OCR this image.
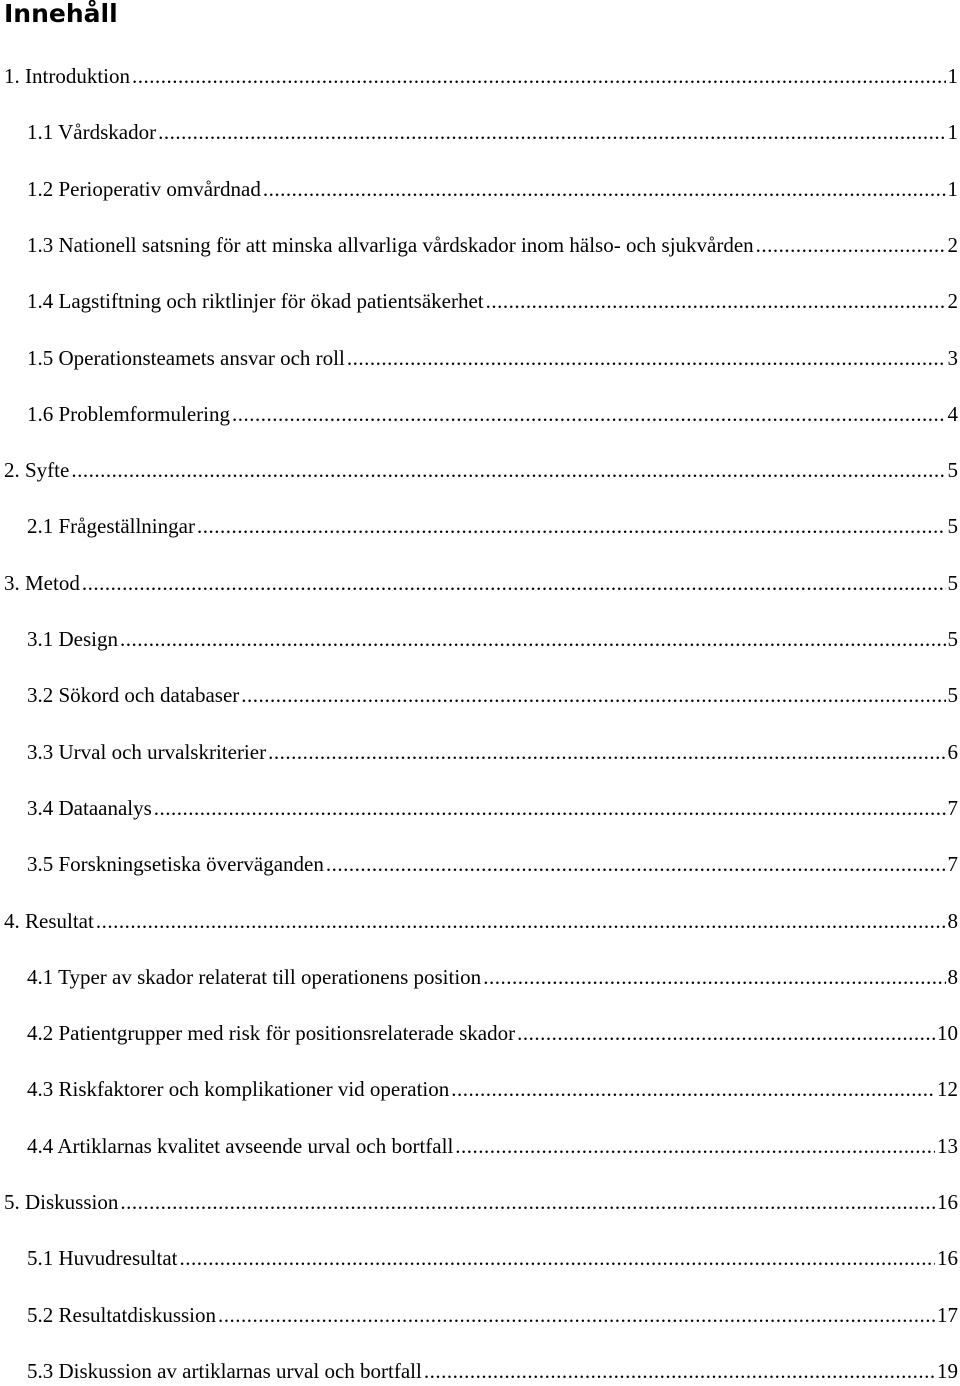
Innehåll
1. Introduktion .....	1
1.1 Vårdskador .....	1
1.2 Perioperativ omvårdnad .....	1
1.3 Nationell satsning för att minska allvarliga vårdskador inom hälso- och sjukvården .....	2
1.4 Lagstiftning och riktlinjer för ökad patientsäkerhet .....	2
1.5 Operationsteamets ansvar och roll .....	3
1.6 Problemformulering .....	4
2. Syfte .....	5
2.1 Frågeställningar .....	5
3. Metod .....	5
3.1 Design .....	5
3.2 Sökord och databaser .....	5
3.3 Urval och urvalskriterier .....	6
3.4 Dataanalys .....	7
3.5 Forskningsetiska överväganden .....	7
4. Resultat .....	8
4.1 Typer av skador relaterat till operationens position .....	8
4.2 Patientgrupper med risk för positionsrelaterade skador .....	10
4.3 Riskfaktorer och komplikationer vid operation .....	12
4.4 Artiklarnas kvalitet avseende urval och bortfall .....	13
5. Diskussion .....	16
5.1 Huvudresultat .....	16
5.2 Resultatdiskussion .....	17
5.3 Diskussion av artiklarnas urval och bortfall .....	19
